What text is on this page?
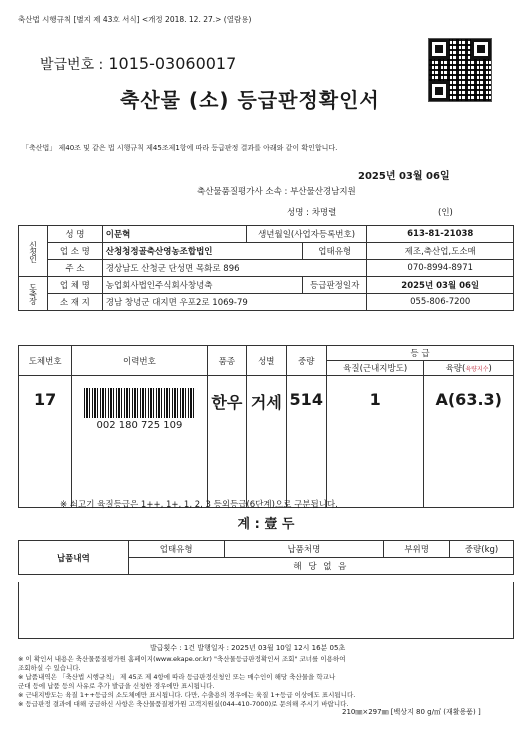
축산법 시행규칙 [별지 제 43호 서식] <개정 2018. 12. 27.> (열람용)
발급번호 : 1015-03060017
축산물 (소) 등급판정확인서
「축산법」 제40조 및 같은 법 시행규칙 제45조제1항에 따라 등급판정 결과를 아래와 같이 확인합니다.
2025년 03월 06일
축산물품질평가사 소속 : 부산물산경남지원
성명 : 차명렬	(인)
신청인	성 명	이문혁	생년월일(사업자등록번호)		613-81-21038
	업 소 명	산청청정골축산영농조합법인		업태유형	제조,축산업,도소매
	주 소	경상남도 산청군 단성면 목화로 896			070-8994-8971
도축장	업 체 명	농업회사법인주식회사창녕축		등급판정일자	2025년 03월 06일
	소 재 지	경남 창녕군 대지면 우포2로 1069-79			055-806-7200
도체번호	이력번호	품종	성별	중량	등 급	
					육질(근내지방도)	육량(육량지수)
17	002 180 725 109	한우	거세	514	1	A(63.3)
※ 쇠고기 육질등급은 1++, 1+, 1, 2, 3 등외등급(6단계)으로 구분됩니다.
계 : 壹 두
납품내역	업태유형	납품처명	부위명	중량(kg)
해 당 없 음
발급횟수 : 1건 발행일자 : 2025년 03월 10일 12시 16분 05초
※ 이 확인서 내용은 축산물품질평가원 홈페이지(www.ekape.or.kr) "축산물등급판정확인서 조회" 코너를 이용하여
조회하실 수 있습니다.
※ 납품내역은 「축산법 시행규칙」 제 45조 제 4항에 따라 등급판정신청인 또는 매수인이 해당 축산물을 학교나
군대 등에 납품 등의 사유로 추가 발급을 신청한 경우에만 표시됩니다.
※ 근내지방도는 육질 1++등급의 소도체에만 표시됩니다. 다만, 수출용의 경우에는 육질 1+등급 이상에도 표시됩니다.
※ 등급판정 결과에 대해 궁금하신 사항은 축산물품질평가원 고객지원실(044-410-7000)로 문의해 주시기 바랍니다.
210㎜×297㎜ [백상지 80 g/㎡ (재활용품) ]
